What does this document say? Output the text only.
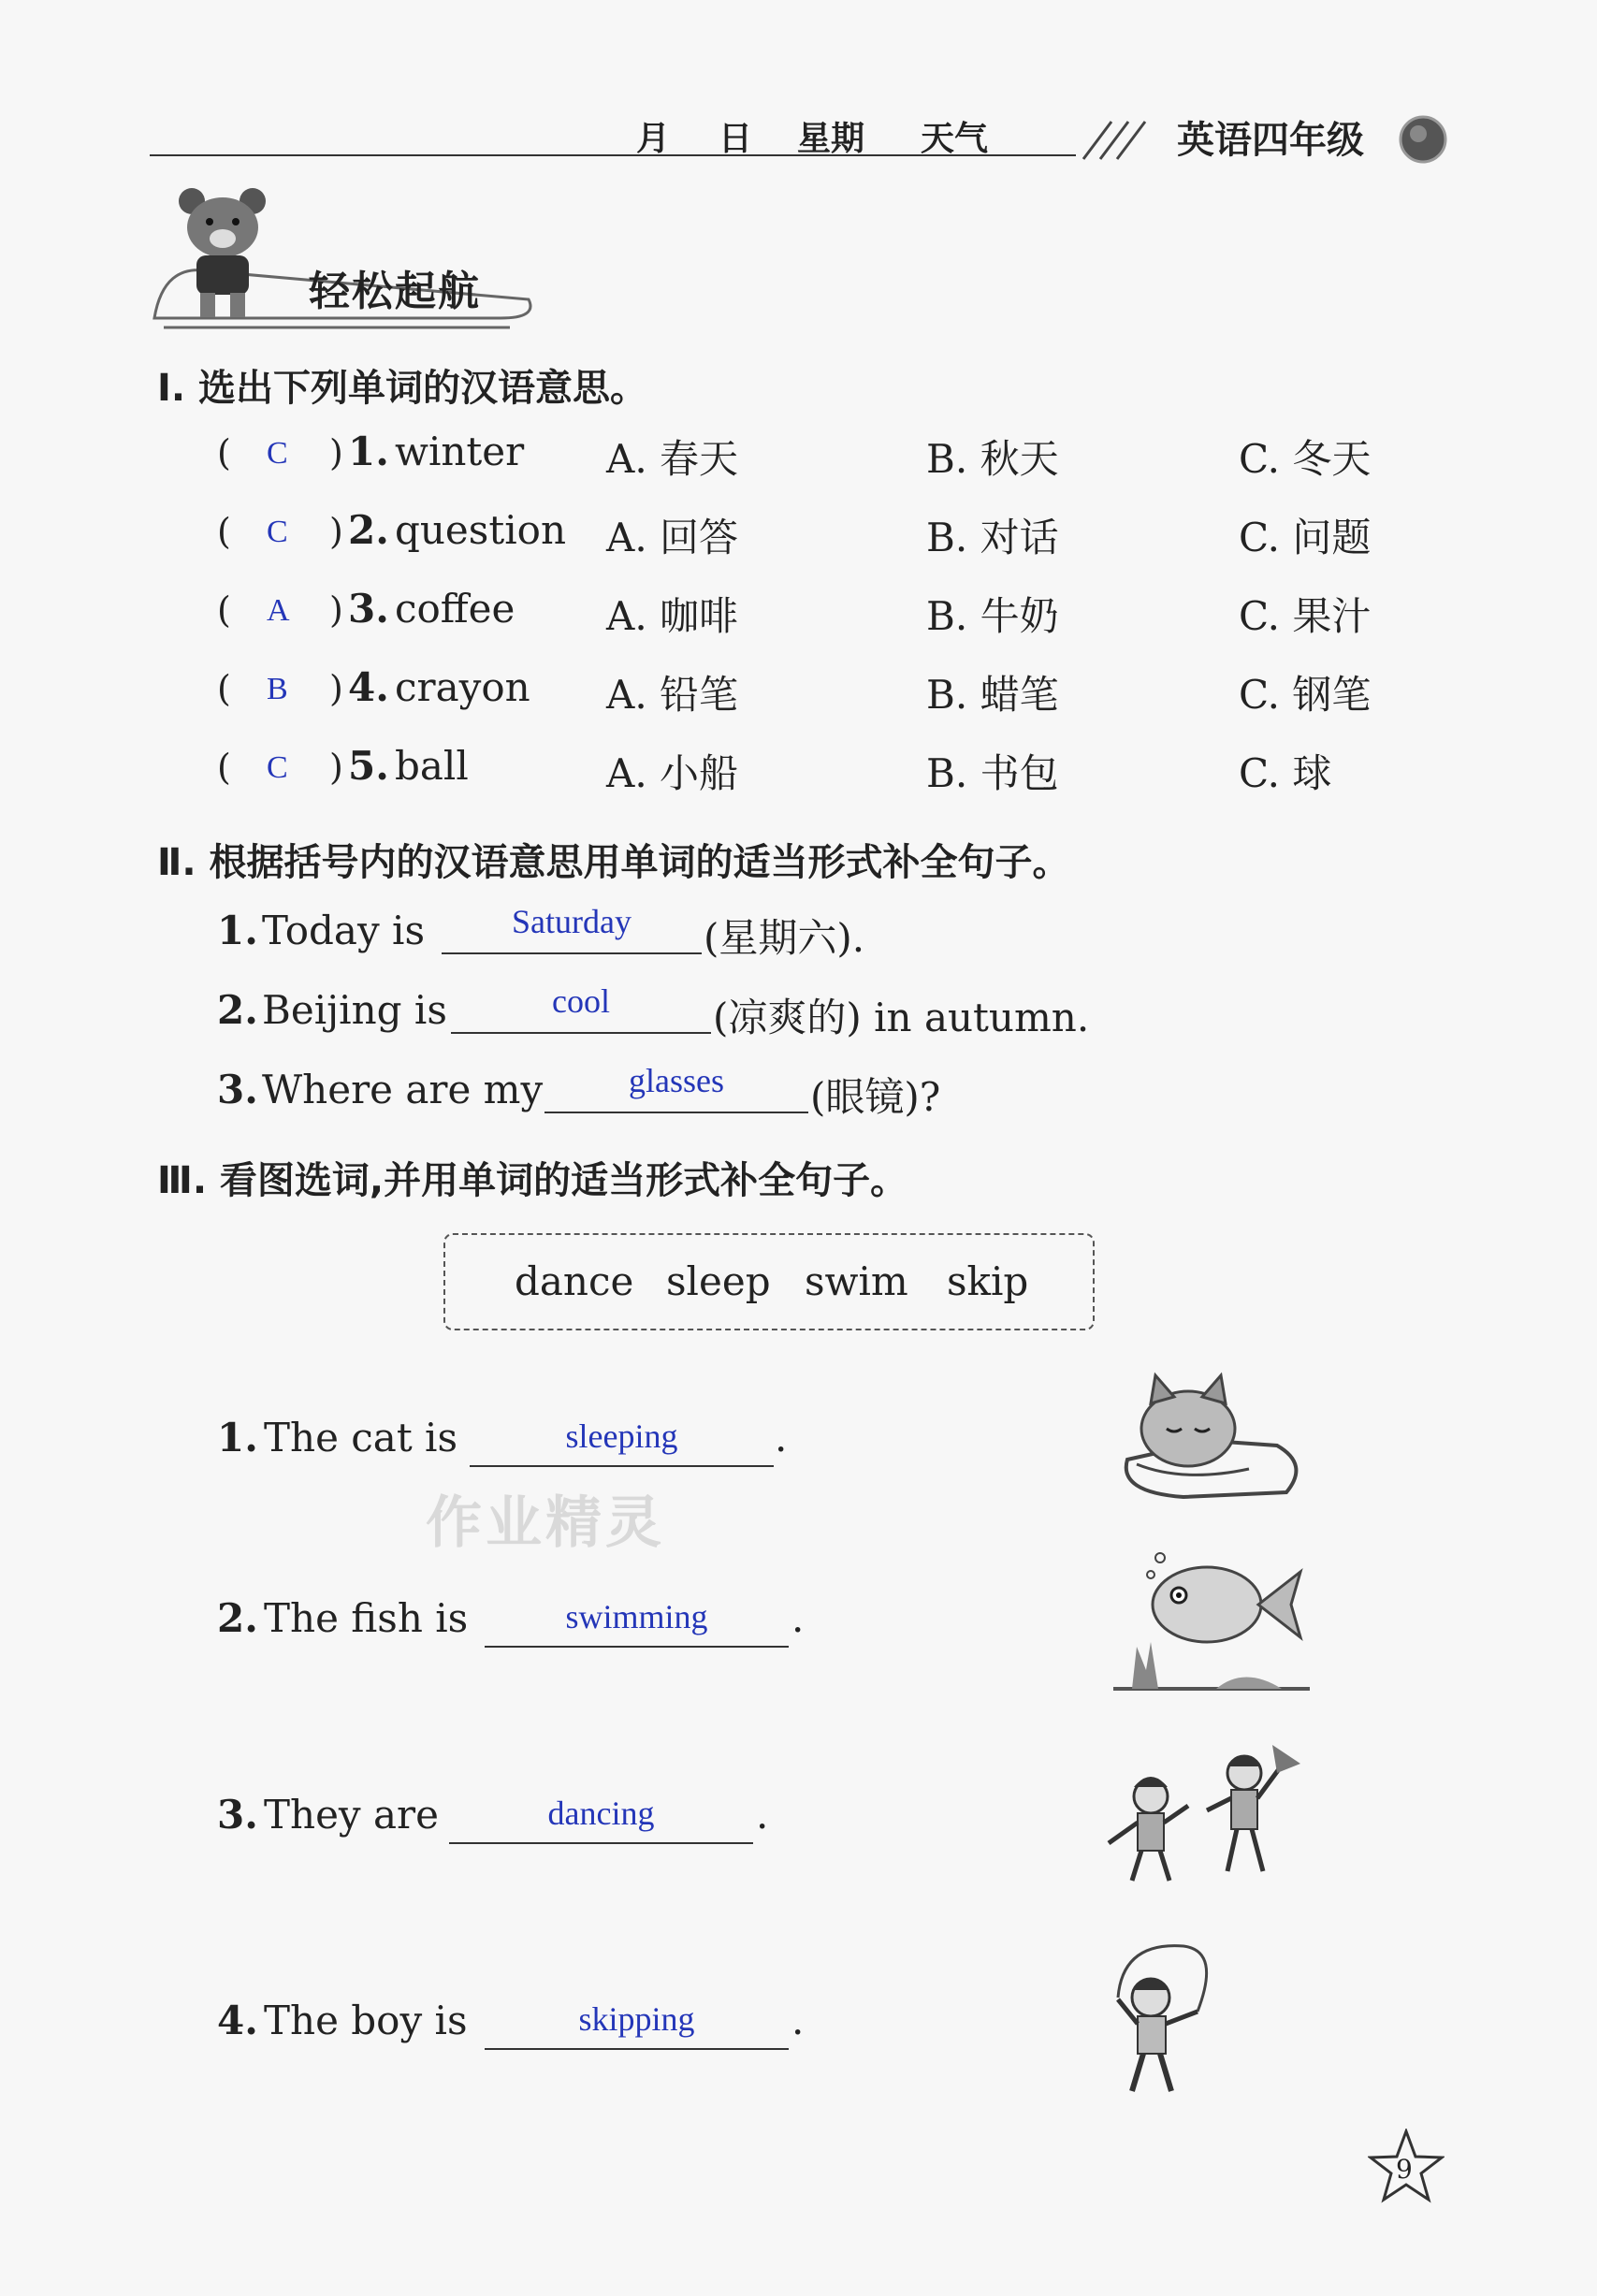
月 日 星期 天气	英语四年级
轻松起航
作业精灵
Ⅰ. 选出下列单词的汉语意思。
( C ) 1. winter A. 春天	B. 秋天	C. 冬天
( C ) 2. question A. 回答	B. 对话	C. 问题
( A ) 3. coffee A. 咖啡	B. 牛奶	C. 果汁
( B ) 4. crayon A. 铅笔	B. 蜡笔	C. 钢笔
( C ) 5. ball	A. 小船	B. 书包	C. 球
Ⅱ. 根据括号内的汉语意思用单词的适当形式补全句子。
1. Today is	Saturday	(星期六).
2. Beijing is	cool	(凉爽的) in autumn.
3. Where are my	glasses	(眼镜)?
Ⅲ. 看图选词,并用单词的适当形式补全句子。
dance sleep swim skip
1. The cat is	sleeping	.
2. The fish is	swimming	.
3. They are	dancing	.
4. The boy is	skipping	.
9
